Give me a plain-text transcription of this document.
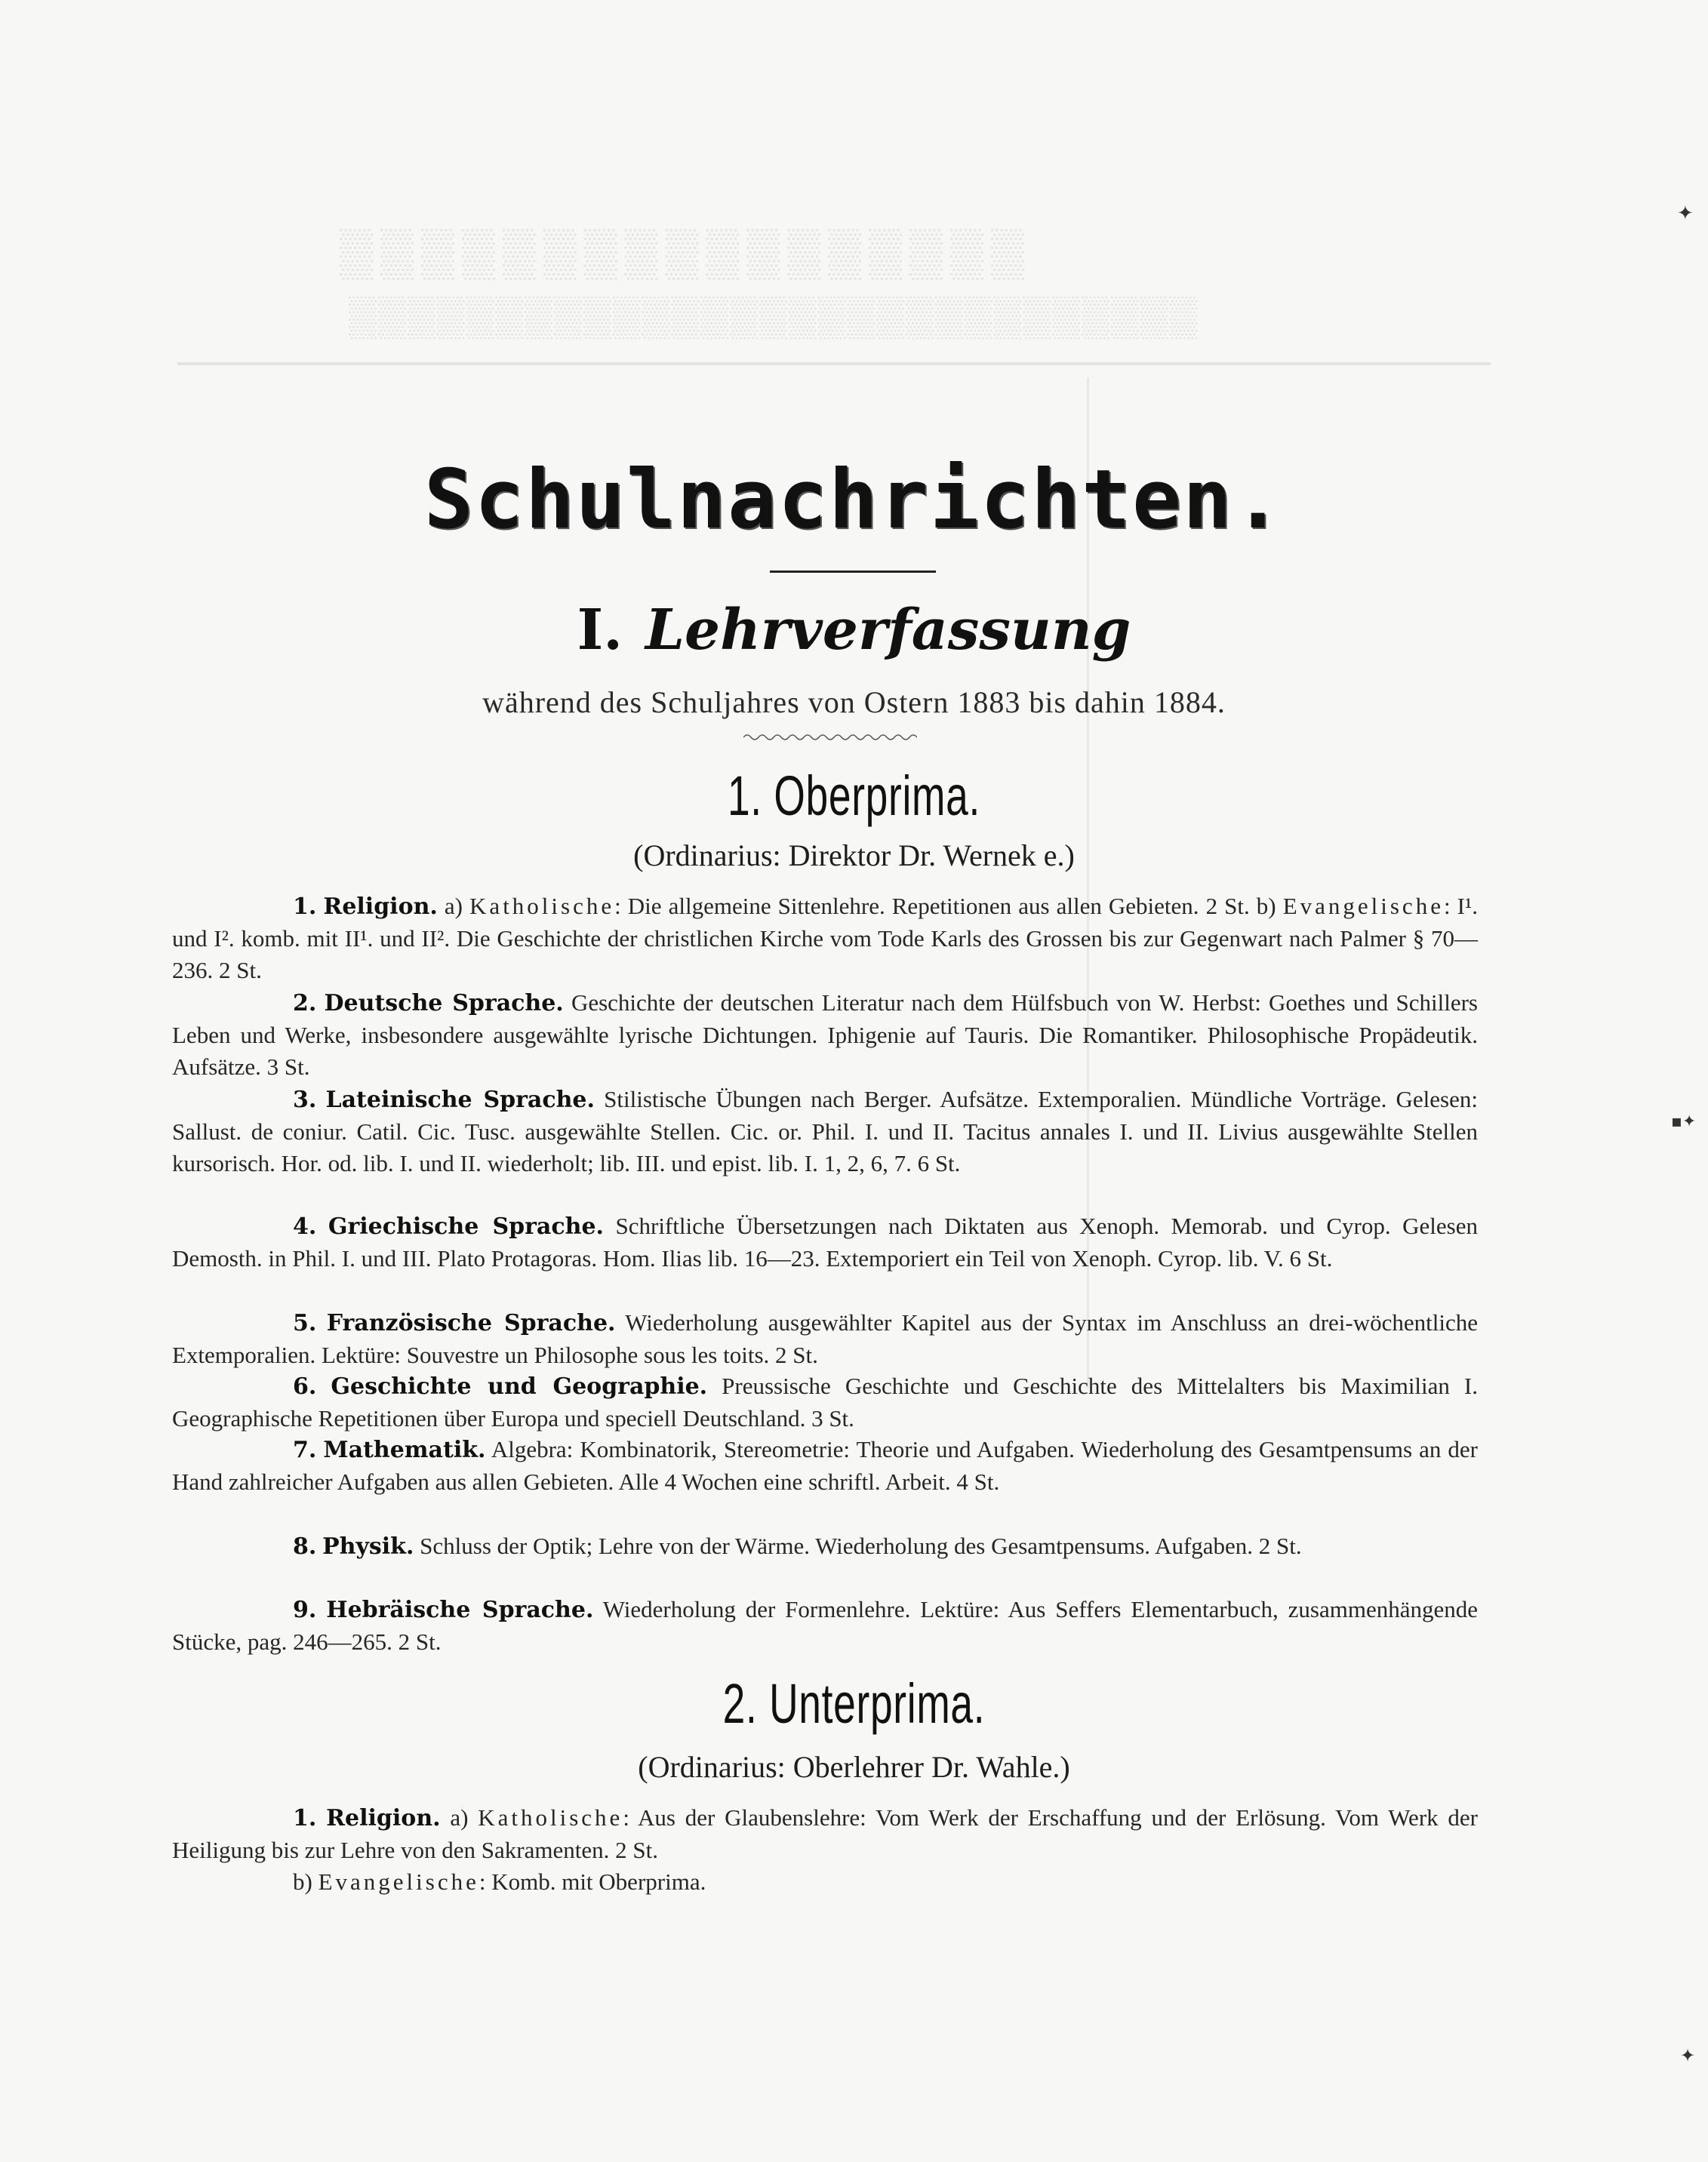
▒▒▒▒▒▒▒▒▒▒▒▒▒▒▒▒▒
▒▒▒▒▒▒▒▒▒▒▒▒▒▒▒▒▒▒▒▒▒▒▒▒▒▒▒▒▒
Schulnachrichten.
I. Lehrverfassung
während des Schuljahres von Ostern 1883 bis dahin 1884.
1. Oberprima.
(Ordinarius: Direktor Dr. Wernek e.)
1. Religion. a) Katholische: Die allgemeine Sittenlehre. Repetitionen aus allen Gebieten. 2 St. b) Evangelische: I¹. und I². komb. mit II¹. und II². Die Geschichte der christlichen Kirche vom Tode Karls des Grossen bis zur Gegenwart nach Palmer § 70—236. 2 St.
2. Deutsche Sprache. Geschichte der deutschen Literatur nach dem Hülfsbuch von W. Herbst: Goethes und Schillers Leben und Werke, insbesondere ausgewählte lyrische Dichtungen. Iphigenie auf Tauris. Die Romantiker. Philosophische Propädeutik. Aufsätze. 3 St.
3. Lateinische Sprache. Stilistische Übungen nach Berger. Aufsätze. Extemporalien. Mündliche Vorträge. Gelesen: Sallust. de coniur. Catil. Cic. Tusc. ausgewählte Stellen. Cic. or. Phil. I. und II. Tacitus annales I. und II. Livius ausgewählte Stellen kursorisch. Hor. od. lib. I. und II. wiederholt; lib. III. und epist. lib. I. 1, 2, 6, 7. 6 St.
4. Griechische Sprache. Schriftliche Übersetzungen nach Diktaten aus Xenoph. Memorab. und Cyrop. Gelesen Demosth. in Phil. I. und III. Plato Protagoras. Hom. Ilias lib. 16—23. Extemporiert ein Teil von Xenoph. Cyrop. lib. V. 6 St.
5. Französische Sprache. Wiederholung ausgewählter Kapitel aus der Syntax im Anschluss an drei-wöchentliche Extemporalien. Lektüre: Souvestre un Philosophe sous les toits. 2 St.
6. Geschichte und Geographie. Preussische Geschichte und Geschichte des Mittelalters bis Maximilian I. Geographische Repetitionen über Europa und speciell Deutschland. 3 St.
7. Mathematik. Algebra: Kombinatorik, Stereometrie: Theorie und Aufgaben. Wiederholung des Gesamtpensums an der Hand zahlreicher Aufgaben aus allen Gebieten. Alle 4 Wochen eine schriftl. Arbeit. 4 St.
8. Physik. Schluss der Optik; Lehre von der Wärme. Wiederholung des Gesamtpensums. Aufgaben. 2 St.
9. Hebräische Sprache. Wiederholung der Formenlehre. Lektüre: Aus Seffers Elementarbuch, zusammenhängende Stücke, pag. 246—265. 2 St.
2. Unterprima.
(Ordinarius: Oberlehrer Dr. Wahle.)
1. Religion. a) Katholische: Aus der Glaubenslehre: Vom Werk der Erschaffung und der Erlösung. Vom Werk der Heiligung bis zur Lehre von den Sakramenten. 2 St.
b) Evangelische: Komb. mit Oberprima.
✦
▪✦
✦
